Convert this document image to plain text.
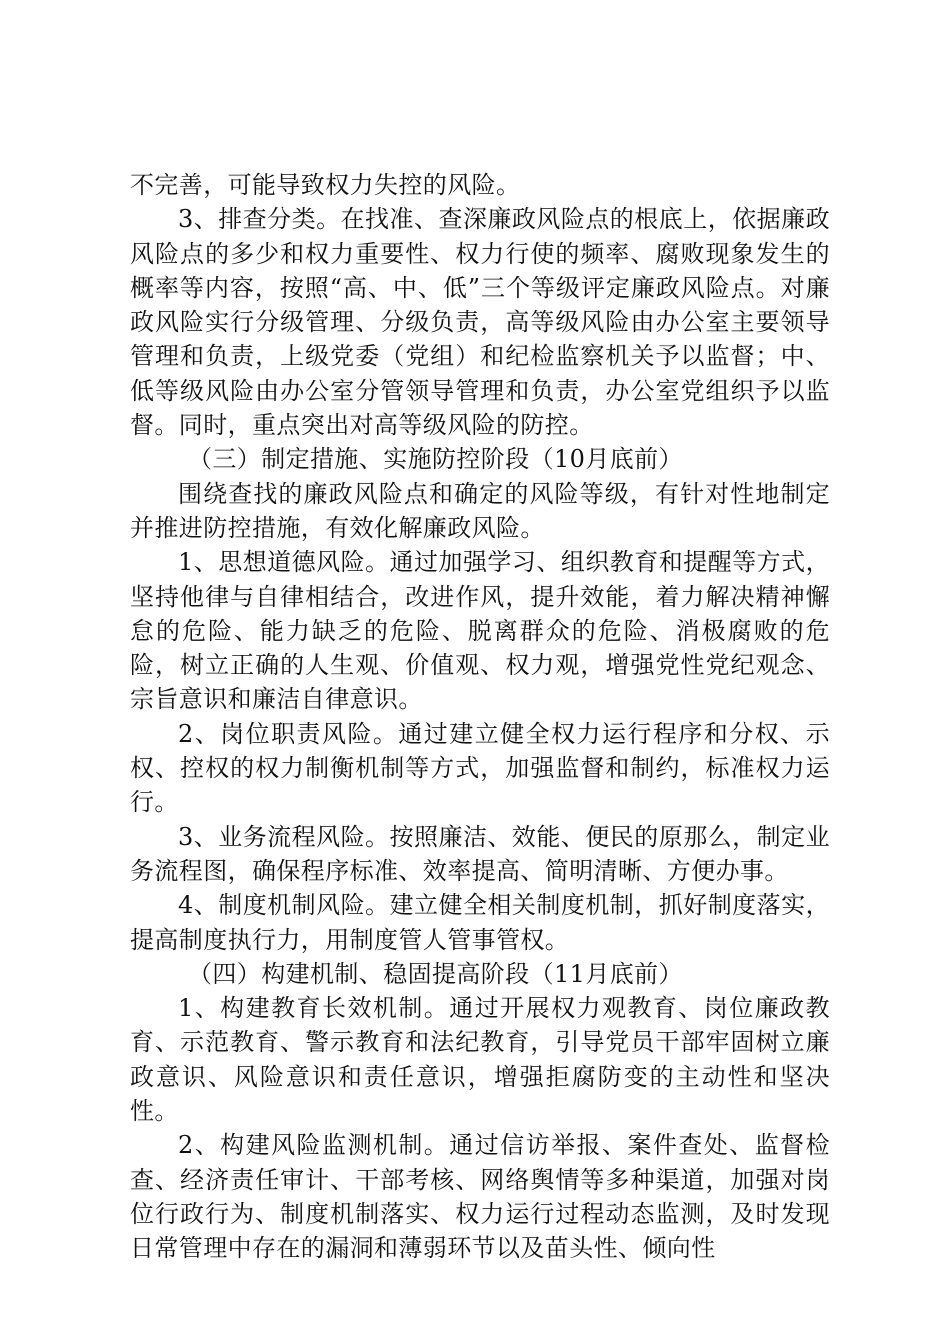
不完善，可能导致权力失控的风险。

3、排查分类。在找准、查深廉政风险点的根底上，依据廉政风险点的多少和权力重要性、权力行使的频率、腐败现象发生的概率等内容，按照“高、中、低”三个等级评定廉政风险点。对廉政风险实行分级管理、分级负责，高等级风险由办公室主要领导管理和负责，上级党委（党组）和纪检监察机关予以监督；中、低等级风险由办公室分管领导管理和负责，办公室党组织予以监督。同时，重点突出对高等级风险的防控。

（三）制定措施、实施防控阶段（10月底前）

围绕查找的廉政风险点和确定的风险等级，有针对性地制定并推进防控措施，有效化解廉政风险。

1、思想道德风险。通过加强学习、组织教育和提醒等方式，坚持他律与自律相结合，改进作风，提升效能，着力解决精神懈怠的危险、能力缺乏的危险、脱离群众的危险、消极腐败的危险，树立正确的人生观、价值观、权力观，增强党性党纪观念、宗旨意识和廉洁自律意识。

2、岗位职责风险。通过建立健全权力运行程序和分权、示权、控权的权力制衡机制等方式，加强监督和制约，标准权力运行。

3、业务流程风险。按照廉洁、效能、便民的原那么，制定业务流程图，确保程序标准、效率提高、简明清晰、方便办事。

4、制度机制风险。建立健全相关制度机制，抓好制度落实，提高制度执行力，用制度管人管事管权。

（四）构建机制、稳固提高阶段（11月底前）

1、构建教育长效机制。通过开展权力观教育、岗位廉政教育、示范教育、警示教育和法纪教育，引导党员干部牢固树立廉政意识、风险意识和责任意识，增强拒腐防变的主动性和坚决性。

2、构建风险监测机制。通过信访举报、案件查处、监督检查、经济责任审计、干部考核、网络舆情等多种渠道，加强对岗位行政行为、制度机制落实、权力运行过程动态监测，及时发现日常管理中存在的漏洞和薄弱环节以及苗头性、倾向性
